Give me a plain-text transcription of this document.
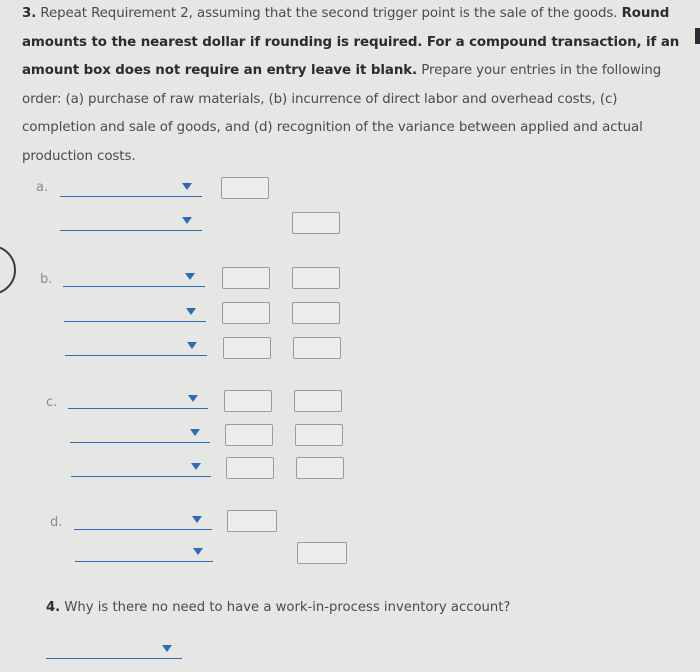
3. Repeat Requirement 2, assuming that the second trigger point is the sale of the goods. Round amounts to the nearest dollar if rounding is required. For a compound transaction, if an amount box does not require an entry leave it blank. Prepare your entries in the following order: (a) purchase of raw materials, (b) incurrence of direct labor and overhead costs, (c) completion and sale of goods, and (d) recognition of the variance between applied and actual production costs.
a.
b.
c.
d.
4. Why is there no need to have a work-in-process inventory account?
